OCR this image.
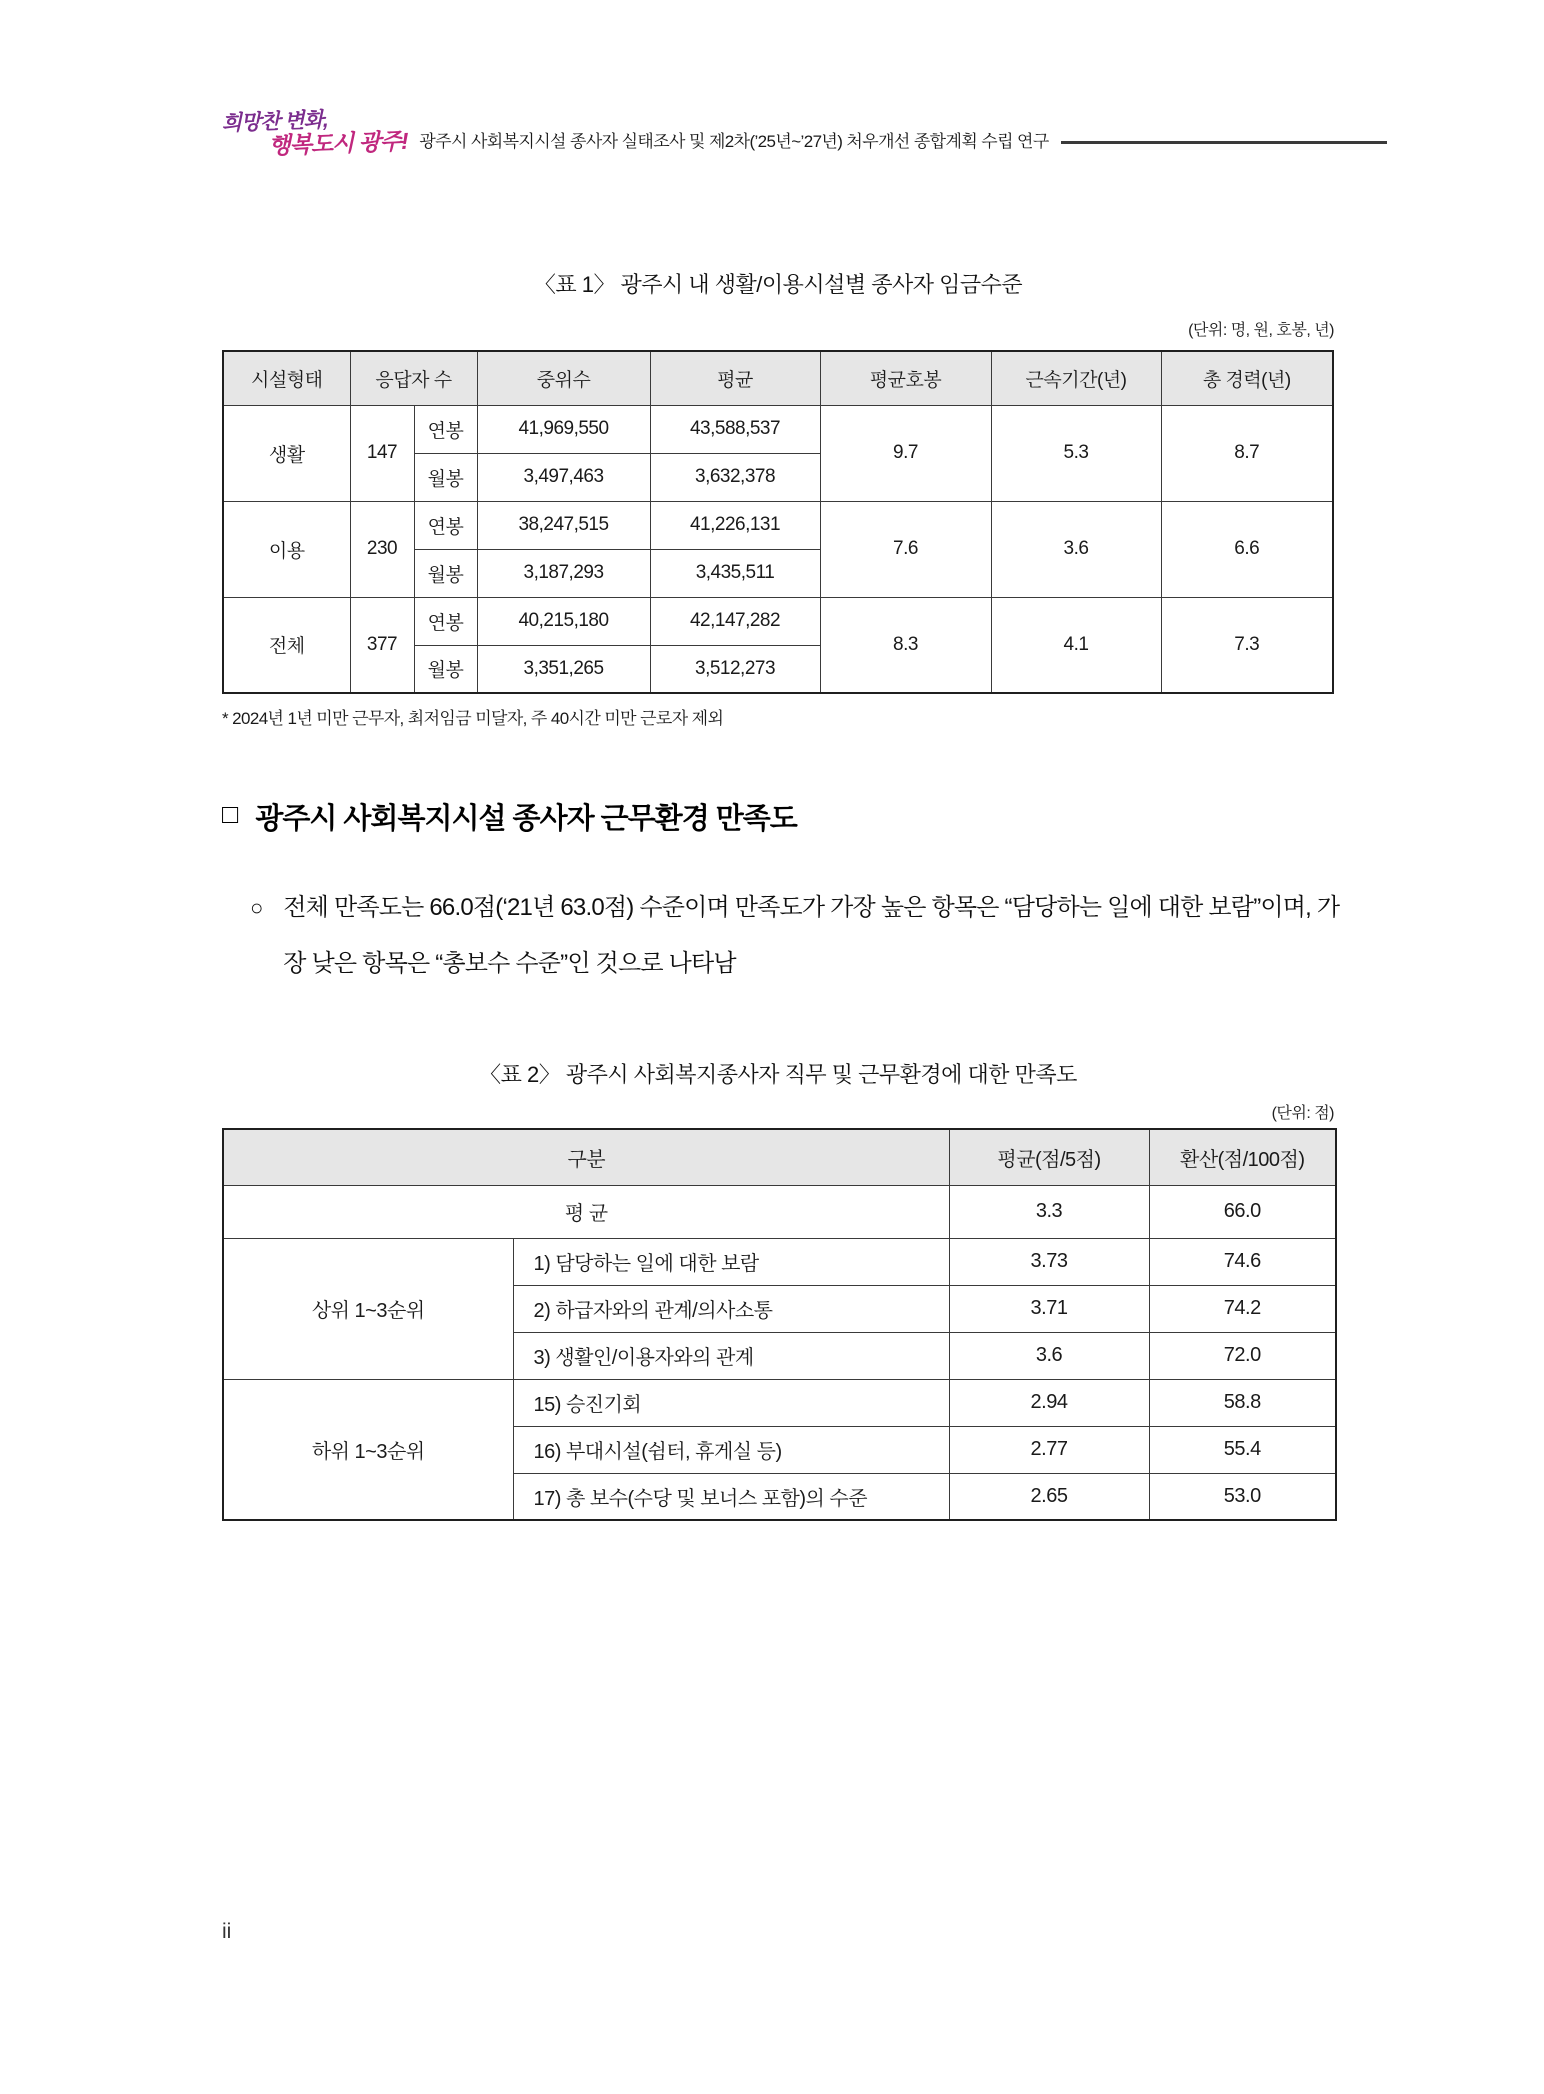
희망찬 변화,
행복도시 광주! 광주시 사회복지시설 종사자 실태조사 및 제2차(’25년~’27년) 처우개선 종합계획 수립 연구
〈표 1〉 광주시 내 생활/이용시설별 종사자 임금수준
(단위: 명, 원, 호봉, 년)
시설형태	응답자 수		중위수	평균	평균호봉	근속기간(년)	총 경력(년)
생활	147	연봉	41,969,550	43,588,537	9.7	5.3	8.7
		월봉	3,497,463	3,632,378			
이용	230	연봉	38,247,515	41,226,131	7.6	3.6	6.6
		월봉	3,187,293	3,435,511			
전체	377	연봉	40,215,180	42,147,282	8.3	4.1	7.3
		월봉	3,351,265	3,512,273			
* 2024년 1년 미만 근무자, 최저임금 미달자, 주 40시간 미만 근로자 제외
□ 광주시 사회복지시설 종사자 근무환경 만족도
○ 전체 만족도는 66.0점(‘21년 63.0점) 수준이며 만족도가 가장 높은 항목은 “담당하는 일에 대한 보람”이며, 가장 낮은 항목은 “총보수 수준”인 것으로 나타남
〈표 2〉 광주시 사회복지종사자 직무 및 근무환경에 대한 만족도
(단위: 점)
구분		평균(점/5점)	환산(점/100점)
평 균		3.3	66.0
상위 1~3순위	1) 담당하는 일에 대한 보람	3.73	74.6
	2) 하급자와의 관계/의사소통	3.71	74.2
	3) 생활인/이용자와의 관계	3.6	72.0
하위 1~3순위	15) 승진기회	2.94	58.8
	16) 부대시설(쉼터, 휴게실 등)	2.77	55.4
	17) 총 보수(수당 및 보너스 포함)의 수준	2.65	53.0
ii
